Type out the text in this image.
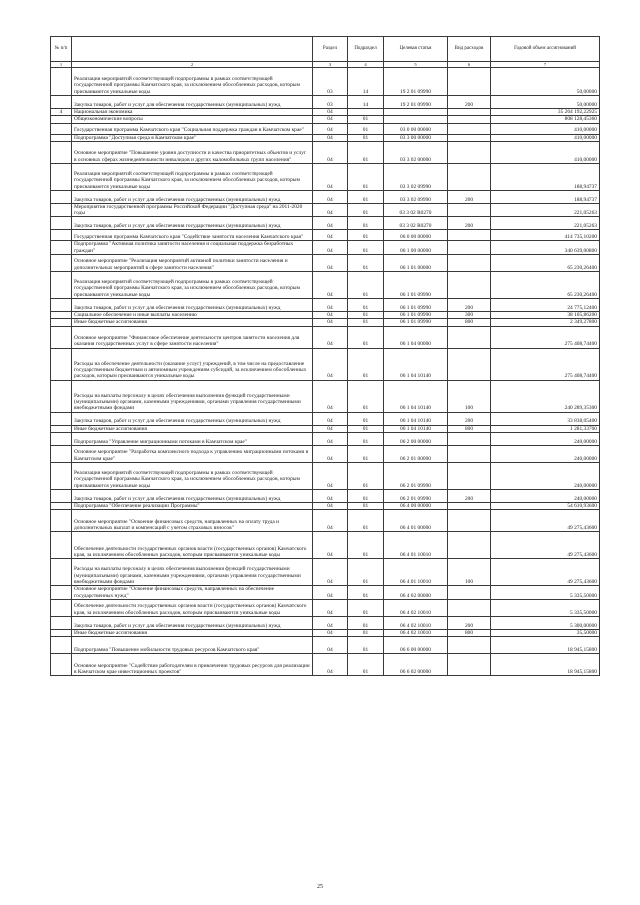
№ п/п		Раздел	Подраздел	Целевая статья	Вид расходов	Годовой объем ассигнований
1	2	3	4	5	6	7
	Реализация мероприятий соответствующей подпрограммы в рамках соответствующей государственной программы Камчатского края, за исключением обособленных расходов, которым присваиваются уникальные коды	03	14	19 2 01 09990		50,00000
	Закупка товаров, работ и услуг для обеспечения государственных (муниципальных) нужд	03	14	19 2 01 09990	200	50,00000
4	Национальная экономика	04				35 264 192,22925
	Общеэкономические вопросы	04	01			808 128,45360
	Государственная программа Камчатского края "Социальная поддержка граждан в Камчатском крае"	04	01	03 0 00 00000		410,00000
	Подпрограмма "Доступная среда в Камчатском крае"	04	01	03 3 00 00000		410,00000
	Основное мероприятие "Повышение уровня доступности и качества приоритетных объектов и услуг в основных сферах жизнедеятельности инвалидов и других маломобильных групп населения"	04	01	03 3 02 00000		410,00000
	Реализация мероприятий соответствующей подпрограммы в рамках соответствующей государственной программы Камчатского края, за исключением обособленных расходов, которым присваиваются уникальные коды	04	01	03 3 02 09990		188,94737
	Закупка товаров, работ и услуг для обеспечения государственных (муниципальных) нужд	04	01	03 3 02 09990	200	188,94737
	Мероприятия государственной программы Российской Федерации "Доступная среда" на 2011-2020 годы	04	01	03 3 02 R0270		221,05263
	Закупка товаров, работ и услуг для обеспечения государственных (муниципальных) нужд	04	01	03 3 02 R0270	200	221,05263
	Государственная программа Камчатского края "Содействие занятости населения Камчатского края"	04	01	06 0 00 00000		414 735,10200
	Подпрограмма "Активная политика занятости населения и социальная поддержка безработных граждан"	04	01	06 1 00 00000		340 639,00800
	Основное мероприятие "Реализация мероприятий активной политики занятости населения и дополнительных мероприятий в сфере занятости населения"	04	01	06 1 01 00000		65 230,26400
	Реализация мероприятий соответствующей подпрограммы в рамках соответствующей государственной программы Камчатского края, за исключением обособленных расходов, которым присваиваются уникальные коды	04	01	06 1 01 09990		65 230,26400
	Закупка товаров, работ и услуг для обеспечения государственных (муниципальных) нужд	04	01	06 1 01 09990	200	24 775,12400
	Социальное обеспечение и иные выплаты населению	04	01	06 1 01 09990	300	38 105,86200
	Иные бюджетные ассигнования	04	01	06 1 01 09990	800	2 349,27800
	Основное мероприятие "Финансовое обеспечение деятельности центров занятости населения для оказания государственных услуг в сфере занятости населения"	04	01	06 1 04 00000		275 408,74400
	Расходы на обеспечение деятельности (оказание услуг) учреждений, в том числе на предоставление государственным бюджетным и автономным учреждениям субсидий, за исключением обособленных расходов, которым присваиваются уникальные коды	04	01	06 1 04 10140		275 408,74400
	Расходы на выплаты персоналу в целях обеспечения выполнения функций государственными (муниципальными) органами, казенными учреждениями, органами управления государственными внебюджетными фондами	04	01	06 1 04 10140	100	240 289,35300
	Закупка товаров, работ и услуг для обеспечения государственных (муниципальных) нужд	04	01	06 1 04 10140	200	33 838,05400
	Иные бюджетные ассигнования	04	01	06 1 04 10140	800	1 281,33700
	Подпрограмма "Управление миграционными потоками в Камчатском крае"	04	01	06 2 00 00000		240,00000
	Основное мероприятие "Разработка комплексного подхода к управлению миграционными потоками в Камчатском крае"	04	01	06 2 01 00000		240,00000
	Реализация мероприятий соответствующей подпрограммы в рамках соответствующей государственной программы Камчатского края, за исключением обособленных расходов, которым присваиваются уникальные коды	04	01	06 2 01 09990		240,00000
	Закупка товаров, работ и услуг для обеспечения государственных (муниципальных) нужд	04	01	06 2 01 09990	200	240,00000
	Подпрограмма "Обеспечение реализации Программы"	04	01	06 4 00 00000		54 610,93600
	Основное мероприятие "Освоение финансовых средств, направленных на оплату труда и дополнительных выплат и компенсаций с учетом страховых взносов"	04	01	06 4 01 00000		49 275,43600
	Обеспечение деятельности государственных органов власти (государственных органов) Камчатского края, за исключением обособленных расходов, которым присваиваются уникальные коды	04	01	06 4 01 10010		49 275,43600
	Расходы на выплаты персоналу в целях обеспечения выполнения функций государственными (муниципальными) органами, казенными учреждениями, органами управления государственными внебюджетными фондами	04	01	06 4 01 10010	100	49 275,43600
	Основное мероприятие "Освоение финансовых средств, направленных на обеспечение государственных нужд"	04	01	06 4 02 00000		5 335,50000
	Обеспечение деятельности государственных органов власти (государственных органов) Камчатского края, за исключением обособленных расходов, которым присваиваются уникальные коды	04	01	06 4 02 10010		5 335,50000
	Закупка товаров, работ и услуг для обеспечения государственных (муниципальных) нужд	04	01	06 4 02 10010	200	5 300,00000
	Иные бюджетные ассигнования	04	01	06 4 02 10010	800	35,50000
	Подпрограмма "Повышение мобильности трудовых ресурсов Камчатского края"	04	01	06 6 00 00000		18 945,15800
	Основное мероприятие "Содействие работодателям в привлечении трудовых ресурсов для реализации в Камчатском крае инвестиционных проектов"	04	01	06 6 02 00000		18 945,15800
25
